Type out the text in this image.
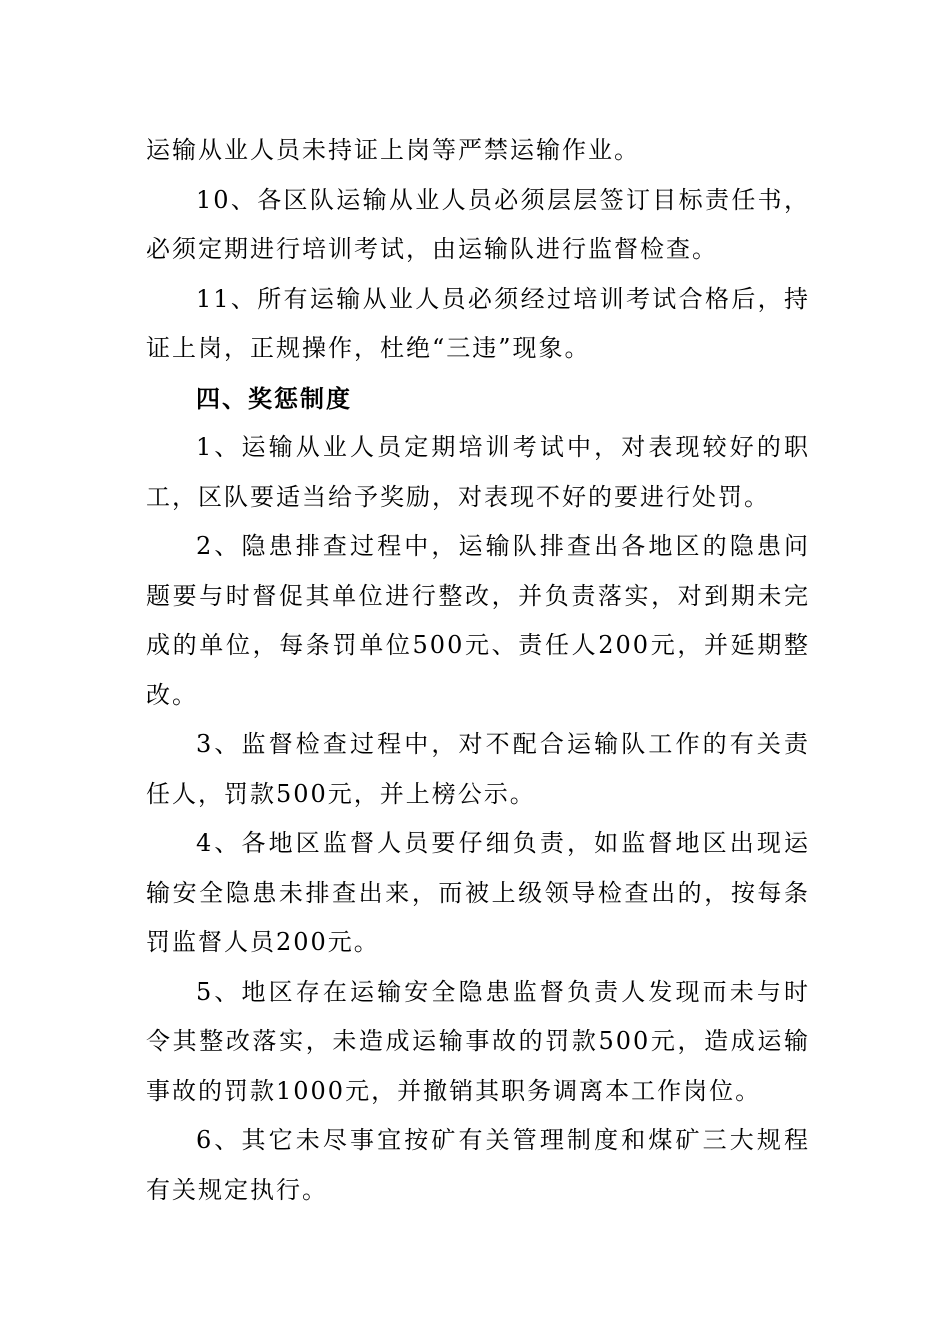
运输从业人员未持证上岗等严禁运输作业。

10、各区队运输从业人员必须层层签订目标责任书，必须定期进行培训考试，由运输队进行监督检查。

11、所有运输从业人员必须经过培训考试合格后，持证上岗，正规操作，杜绝“三违”现象。

四、奖惩制度

1、运输从业人员定期培训考试中，对表现较好的职工，区队要适当给予奖励，对表现不好的要进行处罚。

2、隐患排查过程中，运输队排查出各地区的隐患问题要与时督促其单位进行整改，并负责落实，对到期未完成的单位，每条罚单位500元、责任人200元，并延期整改。

3、监督检查过程中，对不配合运输队工作的有关责任人，罚款500元，并上榜公示。

4、各地区监督人员要仔细负责，如监督地区出现运输安全隐患未排查出来，而被上级领导检查出的，按每条罚监督人员200元。

5、地区存在运输安全隐患监督负责人发现而未与时令其整改落实，未造成运输事故的罚款500元，造成运输事故的罚款1000元，并撤销其职务调离本工作岗位。

6、其它未尽事宜按矿有关管理制度和煤矿三大规程有关规定执行。
